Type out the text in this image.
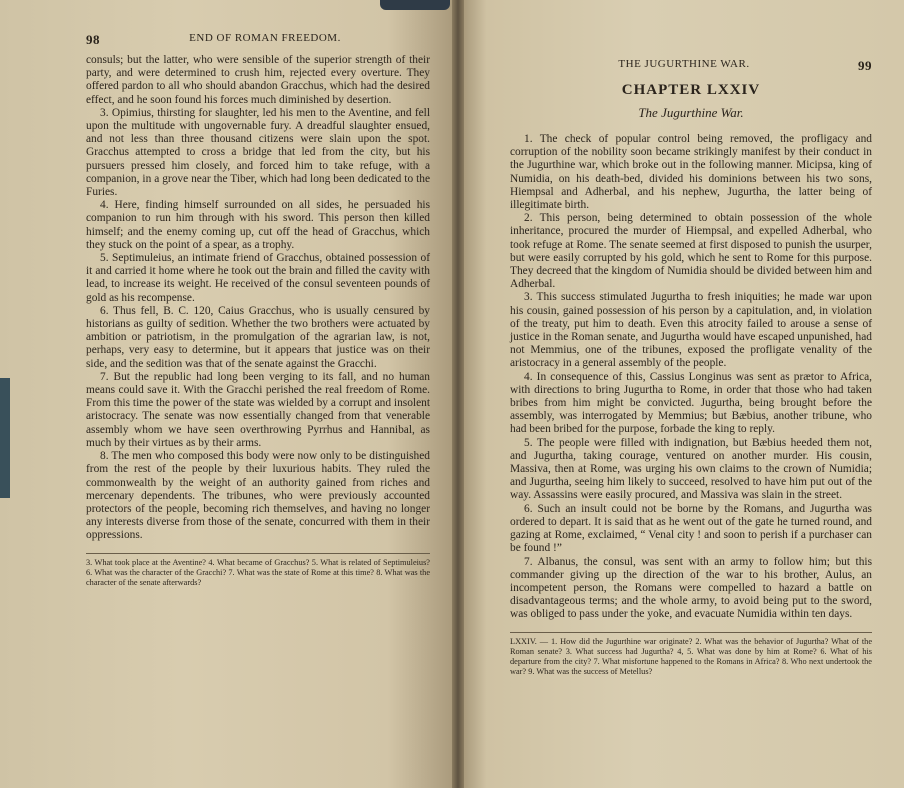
98	END OF ROMAN FREEDOM.

consuls; but the latter, who were sensible of the superior strength of their party, and were determined to crush him, rejected every overture. They offered pardon to all who should abandon Gracchus, which had the desired effect, and he soon found his forces much diminished by desertion.

3. Opimius, thirsting for slaughter, led his men to the Aventine, and fell upon the multitude with ungovernable fury. A dreadful slaughter ensued, and not less than three thousand citizens were slain upon the spot. Gracchus attempted to cross a bridge that led from the city, but his pursuers pressed him closely, and forced him to take refuge, with a companion, in a grove near the Tiber, which had long been dedicated to the Furies.

4. Here, finding himself surrounded on all sides, he persuaded his companion to run him through with his sword. This person then killed himself; and the enemy coming up, cut off the head of Gracchus, which they stuck on the point of a spear, as a trophy.

5. Septimuleius, an intimate friend of Gracchus, obtained possession of it and carried it home where he took out the brain and filled the cavity with lead, to increase its weight. He received of the consul seventeen pounds of gold as his recompense.

6. Thus fell, B. C. 120, Caius Gracchus, who is usually censured by historians as guilty of sedition. Whether the two brothers were actuated by ambition or patriotism, in the promulgation of the agrarian law, is not, perhaps, very easy to determine, but it appears that justice was on their side, and the sedition was that of the senate against the Gracchi.

7. But the republic had long been verging to its fall, and no human means could save it. With the Gracchi perished the real freedom of Rome. From this time the power of the state was wielded by a corrupt and insolent aristocracy. The senate was now essentially changed from that venerable assembly whom we have seen overthrowing Pyrrhus and Hannibal, as much by their virtues as by their arms.

8. The men who composed this body were now only to be distinguished from the rest of the people by their luxurious habits. They ruled the commonwealth by the weight of an authority gained from riches and mercenary dependents. The tribunes, who were previously accounted protectors of the people, becoming rich themselves, and having no longer any interests diverse from those of the senate, concurred with them in their oppressions.

3. What took place at the Aventine? 4. What became of Gracchus? 5. What is related of Septimuleius? 6. What was the character of the Gracchi? 7. What was the state of Rome at this time? 8. What was the character of the senate afterwards?
THE JUGURTHINE WAR.	99
CHAPTER LXXIV
The Jugurthine War.

1. The check of popular control being removed, the profligacy and corruption of the nobility soon became strikingly manifest by their conduct in the Jugurthine war, which broke out in the following manner. Micipsa, king of Numidia, on his death-bed, divided his dominions between his two sons, Hiempsal and Adherbal, and his nephew, Jugurtha, the latter being of illegitimate birth.

2. This person, being determined to obtain possession of the whole inheritance, procured the murder of Hiempsal, and expelled Adherbal, who took refuge at Rome. The senate seemed at first disposed to punish the usurper, but were easily corrupted by his gold, which he sent to Rome for this purpose. They decreed that the kingdom of Numidia should be divided between him and Adherbal.

3. This success stimulated Jugurtha to fresh iniquities; he made war upon his cousin, gained possession of his person by a capitulation, and, in violation of the treaty, put him to death. Even this atrocity failed to arouse a sense of justice in the Roman senate, and Jugurtha would have escaped unpunished, had not Memmius, one of the tribunes, exposed the profligate venality of the aristocracy in a general assembly of the people.

4. In consequence of this, Cassius Longinus was sent as prætor to Africa, with directions to bring Jugurtha to Rome, in order that those who had taken bribes from him might be convicted. Jugurtha, being brought before the assembly, was interrogated by Memmius; but Bæbius, another tribune, who had been bribed for the purpose, forbade the king to reply.

5. The people were filled with indignation, but Bæbius heeded them not, and Jugurtha, taking courage, ventured on another murder. His cousin, Massiva, then at Rome, was urging his own claims to the crown of Numidia; and Jugurtha, seeing him likely to succeed, resolved to have him put out of the way. Assassins were easily procured, and Massiva was slain in the street.

6. Such an insult could not be borne by the Romans, and Jugurtha was ordered to depart. It is said that as he went out of the gate he turned round, and gazing at Rome, exclaimed, “ Venal city ! and soon to perish if a purchaser can be found !”

7. Albanus, the consul, was sent with an army to follow him; but this commander giving up the direction of the war to his brother, Aulus, an incompetent person, the Romans were compelled to hazard a battle on disadvantageous terms; and the whole army, to avoid being put to the sword, was obliged to pass under the yoke, and evacuate Numidia within ten days.

LXXIV. — 1. How did the Jugurthine war originate? 2. What was the behavior of Jugurtha? What of the Roman senate? 3. What success had Jugurtha? 4, 5. What was done by him at Rome? 6. What of his departure from the city? 7. What misfortune happened to the Romans in Africa? 8. Who next undertook the war? 9. What was the success of Metellus?
